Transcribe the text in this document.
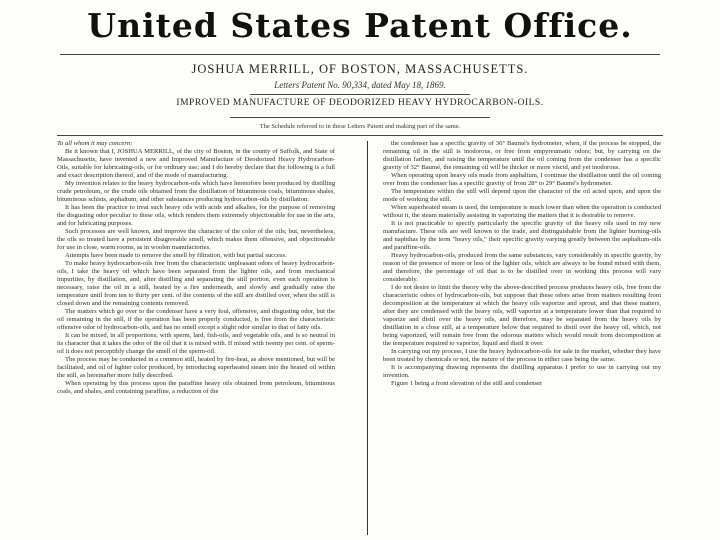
United States Patent Office.
JOSHUA MERRILL, OF BOSTON, MASSACHUSETTS.
Letters Patent No. 90,334, dated May 18, 1869.
IMPROVED MANUFACTURE OF DEODORIZED HEAVY HYDROCARBON-OILS.
The Schedule referred to in these Letters Patent and making part of the same.

To all whom it may concern:

Be it known that I, JOSHUA MERRILL, of the city of Boston, in the county of Suffolk, and State of Massachusetts, have invented a new and Improved Manufacture of Deodorized Heavy Hydrocarbon-Oils, suitable for lubricating-oils, or for ordinary use; and I do hereby declare that the following is a full and exact description thereof, and of the mode of manufacturing.

My invention relates to the heavy hydrocarbon-oils which have heretofore been produced by distilling crude petroleum, or the crude oils obtained from the distillation of bituminous coals, bituminous shales, bituminous schists, asphaltum, and other substances producing hydrocarbon-oils by distillation.

It has been the practice to treat such heavy oils with acids and alkalies, for the purpose of removing the disgusting odor peculiar to these oils, which renders them extremely objectionable for use in the arts, and for lubricating purposes.

Such processes are well known, and improve the character of the color of the oils; but, nevertheless, the oils so treated have a persistent disagreeable smell, which makes them offensive, and objectionable for use in close, warm rooms, as in woolen manufactories.

Attempts have been made to remove the smell by filtration, with but partial success.

To make heavy hydrocarbon-oils free from the characteristic unpleasant odors of heavy hydrocarbon-oils, I take the heavy oil which have been separated from the lighter oils, and from mechanical impurities, by distillation, and, after distilling and separating the still portion, even each operation is necessary, raise the oil in a still, heated by a fire underneath, and slowly and gradually raise the temperature until from ten to thirty per cent. of the contents of the still are distilled over, when the still is closed down and the remaining contents removed.

The matters which go over to the condenser have a very foul, offensive, and disgusting odor, but the oil remaining in the still, if the operation has been properly conducted, is free from the characteristic offensive odor of hydrocarbon-oils, and has no smell except a slight odor similar to that of fatty oils.

It can be mixed, in all proportions, with sperm, lard, fish-oils, and vegetable oils, and is so neutral in its character that it takes the odor of the oil that it is mixed with. If mixed with twenty per cent. of sperm-oil it does not perceptibly change the smell of the sperm-oil.

The process may be conducted in a common still, heated by fire-heat, as above mentioned, but will be facilitated, and oil of lighter color produced, by introducing superheated steam into the heated oil within the still, as hereinafter more fully described.

When operating by this process upon the paraffine heavy oils obtained from petroleum, bituminous coals, and shales, and containing paraffine, a reduction of the

the condenser has a specific gravity of 36° Baumé's hydrometer, when, if the process be stopped, the remaining oil in the still is inodorous, or free from empyreumatic odors; but, by carrying on the distillation farther, and raising the temperature until the oil coming from the condenser has a specific gravity of 32° Baumé, the remaining oil will be thicker or more viscid, and yet inodorous.

When operating upon heavy oils made from asphaltum, I continue the distillation until the oil coming over from the condenser has a specific gravity of from 28° to 29° Baumé's hydrometer.

The temperature within the still will depend upon the character of the oil acted upon, and upon the mode of working the still.

When superheated steam is used, the temperature is much lower than when the operation is conducted without it, the steam materially assisting in vaporizing the matters that it is desirable to remove.

It is not practicable to specify particularly the specific gravity of the heavy oils used in my new manufacture. These oils are well known to the trade, and distinguishable from the lighter burning-oils and naphthas by the term "heavy oils," their specific gravity varying greatly between the asphaltum-oils and paraffine-oils.

Heavy hydrocarbon-oils, produced from the same substances, vary considerably in specific gravity, by reason of the presence of more or less of the lighter oils, which are always to be found mixed with them, and therefore, the percentage of oil that is to be distilled over in working this process will vary considerably.

I do not desire to limit the theory why the above-described process produces heavy oils, free from the characteristic odors of hydrocarbon-oils, but suppose that these odors arise from matters resulting from decomposition at the temperature at which the heavy oils vaporize and sprout, and that these matters, after they are condensed with the heavy oils, will vaporize at a temperature lower than that required to vaporize and distil over the heavy oils, and therefore, may be separated from the heavy oils by distillation in a close still, at a temperature below that required to distil over the heavy oil, which, not being vaporized, will remain free from the odorous matters which would result from decomposition at the temperature required to vaporize, liquid and distil it over.

In carrying out my process, I use the heavy hydrocarbon-oils for sale in the market, whether they have been treated by chemicals or not, the nature of the process in either case being the same.

It is accompanying drawing represents the distilling apparatus I prefer to use in carrying out my invention.

Figure 1 being a front elevation of the still and condenser
